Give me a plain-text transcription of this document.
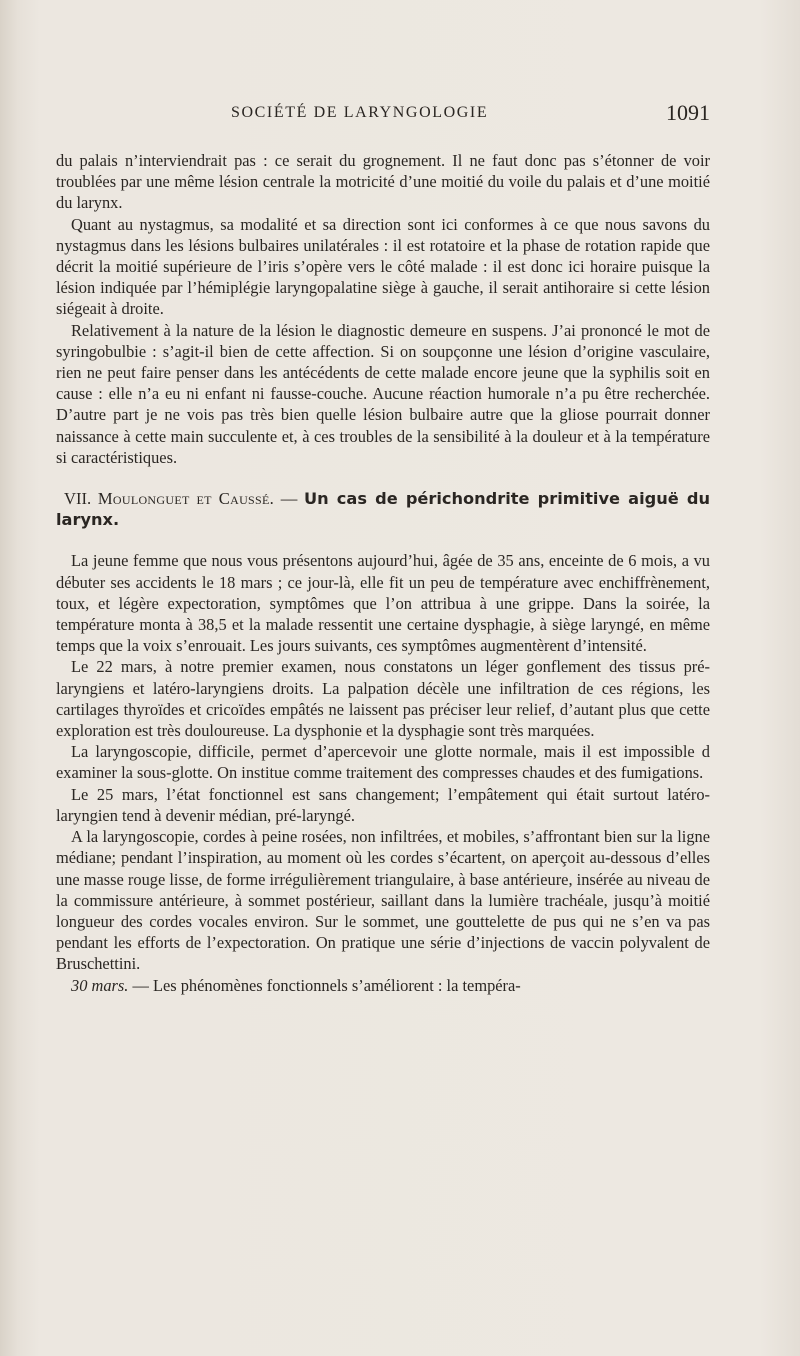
SOCIÉTÉ DE LARYNGOLOGIE	1091

du palais n’interviendrait pas : ce serait du grognement. Il ne faut donc pas s’étonner de voir troublées par une même lésion centrale la motricité d’une moitié du voile du palais et d’une moitié du larynx.

Quant au nystagmus, sa modalité et sa direction sont ici conformes à ce que nous savons du nystagmus dans les lésions bulbaires unilatérales : il est rotatoire et la phase de rotation rapide que décrit la moitié supérieure de l’iris s’opère vers le côté malade : il est donc ici horaire puisque la lésion indiquée par l’hémiplégie laryngopalatine siège à gauche, il serait antihoraire si cette lésion siégeait à droite.

Relativement à la nature de la lésion le diagnostic demeure en suspens. J’ai prononcé le mot de syringobulbie : s’agit-il bien de cette affection. Si on soupçonne une lésion d’origine vasculaire, rien ne peut faire penser dans les antécédents de cette malade encore jeune que la syphilis soit en cause : elle n’a eu ni enfant ni fausse-couche. Aucune réaction humorale n’a pu être recherchée. D’autre part je ne vois pas très bien quelle lésion bulbaire autre que la gliose pourrait donner naissance à cette main succulente et, à ces troubles de la sensibilité à la douleur et à la température si caractéristiques.

VII. Moulonguet et Caussé. — Un cas de périchondrite primitive aiguë du larynx.

La jeune femme que nous vous présentons aujourd’hui, âgée de 35 ans, enceinte de 6 mois, a vu débuter ses accidents le 18 mars ; ce jour-là, elle fit un peu de température avec enchiffrènement, toux, et légère expectoration, symptômes que l’on attribua à une grippe. Dans la soirée, la température monta à 38,5 et la malade ressentit une certaine dysphagie, à siège laryngé, en même temps que la voix s’enrouait. Les jours suivants, ces symptômes augmentèrent d’intensité.

Le 22 mars, à notre premier examen, nous constatons un léger gonflement des tissus pré-laryngiens et latéro-laryngiens droits. La palpation décèle une infiltration de ces régions, les cartilages thyroïdes et cricoïdes empâtés ne laissent pas préciser leur relief, d’autant plus que cette exploration est très douloureuse. La dysphonie et la dysphagie sont très marquées.

La laryngoscopie, difficile, permet d’apercevoir une glotte normale, mais il est impossible d examiner la sous-glotte. On institue comme traitement des compresses chaudes et des fumigations.

Le 25 mars, l’état fonctionnel est sans changement; l’empâtement qui était surtout latéro-laryngien tend à devenir médian, pré-laryngé.

A la laryngoscopie, cordes à peine rosées, non infiltrées, et mobiles, s’affrontant bien sur la ligne médiane; pendant l’inspiration, au moment où les cordes s’écartent, on aperçoit au-dessous d’elles une masse rouge lisse, de forme irrégulièrement triangulaire, à base antérieure, insérée au niveau de la commissure antérieure, à sommet postérieur, saillant dans la lumière trachéale, jusqu’à moitié longueur des cordes vocales environ. Sur le sommet, une gouttelette de pus qui ne s’en va pas pendant les efforts de l’expectoration. On pratique une série d’injections de vaccin polyvalent de Bruschettini.

30 mars. — Les phénomènes fonctionnels s’améliorent : la tempéra-
